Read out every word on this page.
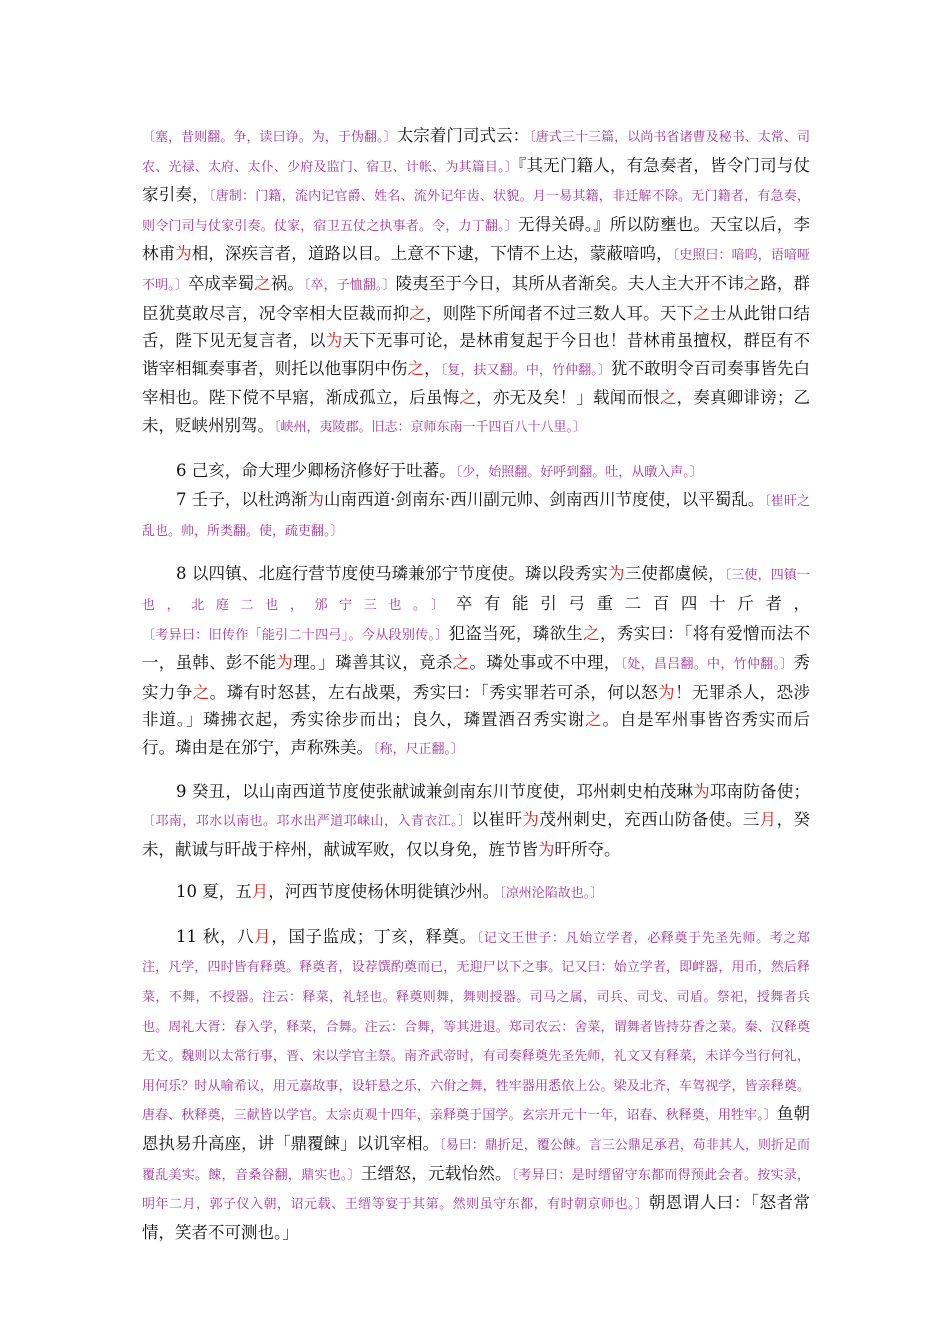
〔塞，昔则翻。争，读曰诤。为，于伪翻。〕太宗着门司式云：〔唐式三十三篇，以尚书省诸曹及秘书、太常、司农、光禄、太府、太仆、少府及监门、宿卫、计帐、为其篇目。〕『其无门籍人，有急奏者，皆令门司与仗家引奏，〔唐制：门籍，流内记官爵、姓名、流外记年齿、状貌。月一易其籍，非迁解不除。无门籍者，有急奏，则令门司与仗家引奏。仗家，宿卫五仗之执事者。令，力丁翻。〕无得关碍。』所以防壅也。天宝以后，李林甫为相，深疾言者，道路以目。上意不下逮，下情不上达，蒙蔽喑呜，〔史照曰：喑呜，语喑哑不明。〕卒成幸蜀之祸。〔卒，子恤翻。〕陵夷至于今日，其所从者渐矣。夫人主大开不讳之路，群臣犹莫敢尽言，况令宰相大臣裁而抑之，则陛下所闻者不过三数人耳。天下之士从此钳口结舌，陛下见无复言者，以为天下无事可论，是林甫复起于今日也！昔林甫虽擅权，群臣有不谐宰相辄奏事者，则托以他事阴中伤之，〔复，扶又翻。中，竹仲翻。〕犹不敢明令百司奏事皆先白宰相也。陛下傥不早寤，渐成孤立，后虽悔之，亦无及矣！」载闻而恨之，奏真卿诽谤；乙未，贬峡州别驾。〔峡州，夷陵郡。旧志：京师东南一千四百八十八里。〕

6 己亥，命大理少卿杨济修好于吐蕃。〔少，始照翻。好呼到翻。吐，从暾入声。〕

7 壬子，以杜鸿渐为山南西道·剑南东·西川副元帅、剑南西川节度使，以平蜀乱。〔崔旰之乱也。帅，所类翻。使，疏吏翻。〕

8 以四镇、北庭行营节度使马璘兼邠宁节度使。璘以段秀实为三使都虞候，〔三使，四镇一也，北庭二也，邠宁三也。〕卒有能引弓重二百四十斤者，〔考异曰：旧传作「能引二十四弓」。今从段别传。〕犯盗当死，璘欲生之，秀实曰：「将有爱憎而法不一，虽韩、彭不能为理。」璘善其议，竟杀之。璘处事或不中理，〔处，昌吕翻。中，竹仲翻。〕秀实力争之。璘有时怒甚，左右战栗，秀实曰：「秀实罪若可杀，何以怒为！无罪杀人，恐涉非道。」璘拂衣起，秀实徐步而出；良久，璘置酒召秀实谢之。自是军州事皆咨秀实而后行。璘由是在邠宁，声称殊美。〔称，尺正翻。〕

9 癸丑，以山南西道节度使张献诚兼剑南东川节度使，邛州刺史柏茂琳为邛南防备使；〔邛南，邛水以南也。邛水出严道邛崃山，入青衣江。〕以崔旰为茂州刺史，充西山防备使。三月，癸未，献诚与旰战于梓州，献诚军败，仅以身免，旌节皆为旰所夺。

10 夏，五月，河西节度使杨休明徙镇沙州。〔凉州沦陷故也。〕

11 秋，八月，国子监成；丁亥，释奠。〔记文王世子：凡始立学者，必释奠于先圣先师。考之郑注，凡学，四时皆有释奠。释奠者，设荐馔酌奠而已，无迎尸以下之事。记又曰：始立学者，即衅器，用币，然后释菜，不舞，不授器。注云：释菜，礼轻也。释奠则舞，舞则授器。司马之属，司兵、司戈、司盾。祭祀，授舞者兵也。周礼大胥：春入学，释菜，合舞。注云：合舞，等其进退。郑司农云：舍菜，谓舞者皆持芬香之菜。秦、汉释奠无文。魏则以太常行事，晋、宋以学官主祭。南齐武帝时，有司奏释奠先圣先师，礼文又有释菜，未详今当行何礼，用何乐？时从喻希议，用元嘉故事，设轩悬之乐，六佾之舞，牲牢器用悉依上公。梁及北齐，车驾视学，皆亲释奠。唐春、秋释奠，三献皆以学官。太宗贞观十四年，亲释奠于国学。玄宗开元十一年，诏春、秋释奠，用牲牢。〕鱼朝恩执易升高座，讲「鼎覆餗」以讥宰相。〔易曰：鼎折足，覆公餗。言三公鼎足承君，苟非其人，则折足而覆乱美实。餗，音桑谷翻，鼎实也。〕王缙怒，元载怡然。〔考异曰：是时缙留守东都而得预此会者。按实录，明年二月，郭子仪入朝，诏元载、王缙等宴于其第。然则虽守东都，有时朝京师也。〕朝恩谓人曰：「怒者常情，笑者不可测也。」
